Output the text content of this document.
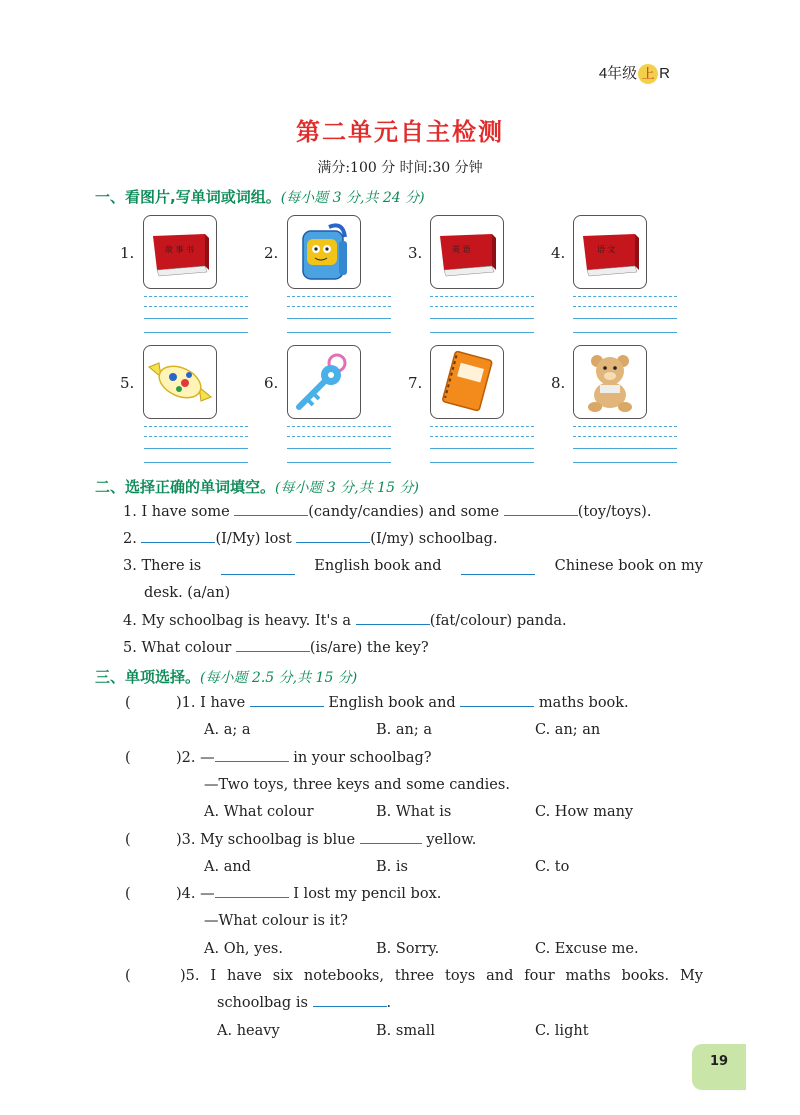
4年级 上 R
第二单元自主检测
满分:100 分 时间:30 分钟
一、看图片,写单词或词组。(每小题 3 分,共 24 分)
1.	故 事 书	2.	3.	英 语	4.	语 文
5.	6.	7.	8.
二、选择正确的单词填空。(每小题 3 分,共 15 分)
1. I have some	(candy/candies) and some	(toy/toys).
2.	(I/My) lost	(I/my) schoolbag.
3. There is	English book and	Chinese book on my
desk. (a/an)
4. My schoolbag is heavy. It's a	(fat/colour) panda.
5. What colour	(is/are) the key?
三、单项选择。(每小题 2.5 分,共 15 分)
(	)1. I have	English book and	maths book.
A. a; a	B. an; a	C. an; an
(	)2. —	in your schoolbag?
—Two toys, three keys and some candies.
A. What colour	B. What is	C. How many
(	)3. My schoolbag is blue	yellow.
A. and	B. is	C. to
(	)4. —	I lost my pencil box.
—What colour is it?
A. Oh, yes.	B. Sorry.	C. Excuse me.
(	)5. I have six notebooks, three toys and four maths books. My
schoolbag is	.
A. heavy	B. small	C. light
19
